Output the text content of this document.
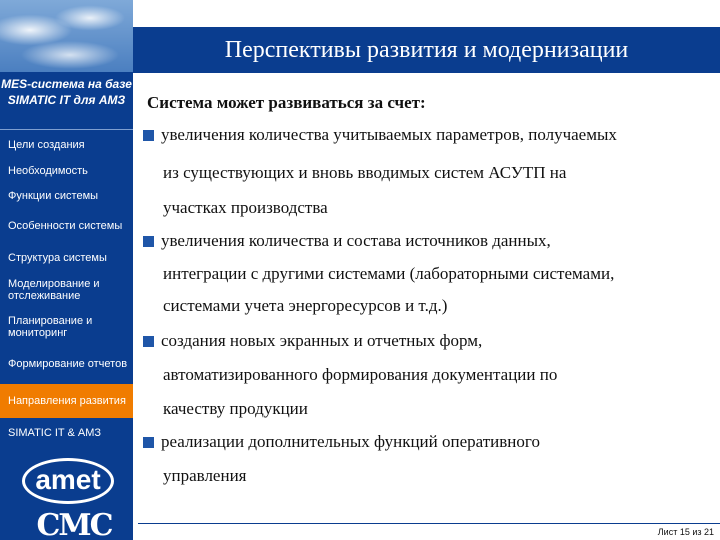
MES-система на базе SIMATIC IT для АМЗ
Цели создания
Необходимость
Функции системы
Особенности системы
Структура системы
Моделирование и отслеживание
Планирование и мониторинг
Формирование отчетов
Направления развития
SIMATIC IT & АМЗ
amet
CMC
Перспективы развития и модернизации
Система может развиваться за счет:
увеличения количества учитываемых параметров, получаемых
из существующих и вновь вводимых систем АСУТП на
участках производства
увеличения количества и состава источников данных,
интеграции с другими системами (лабораторными системами,
системами учета энергоресурсов и т.д.)
создания новых экранных и отчетных форм,
автоматизированного формирования документации по
качеству продукции
реализации дополнительных функций оперативного
управления
Лист 15 из 21
